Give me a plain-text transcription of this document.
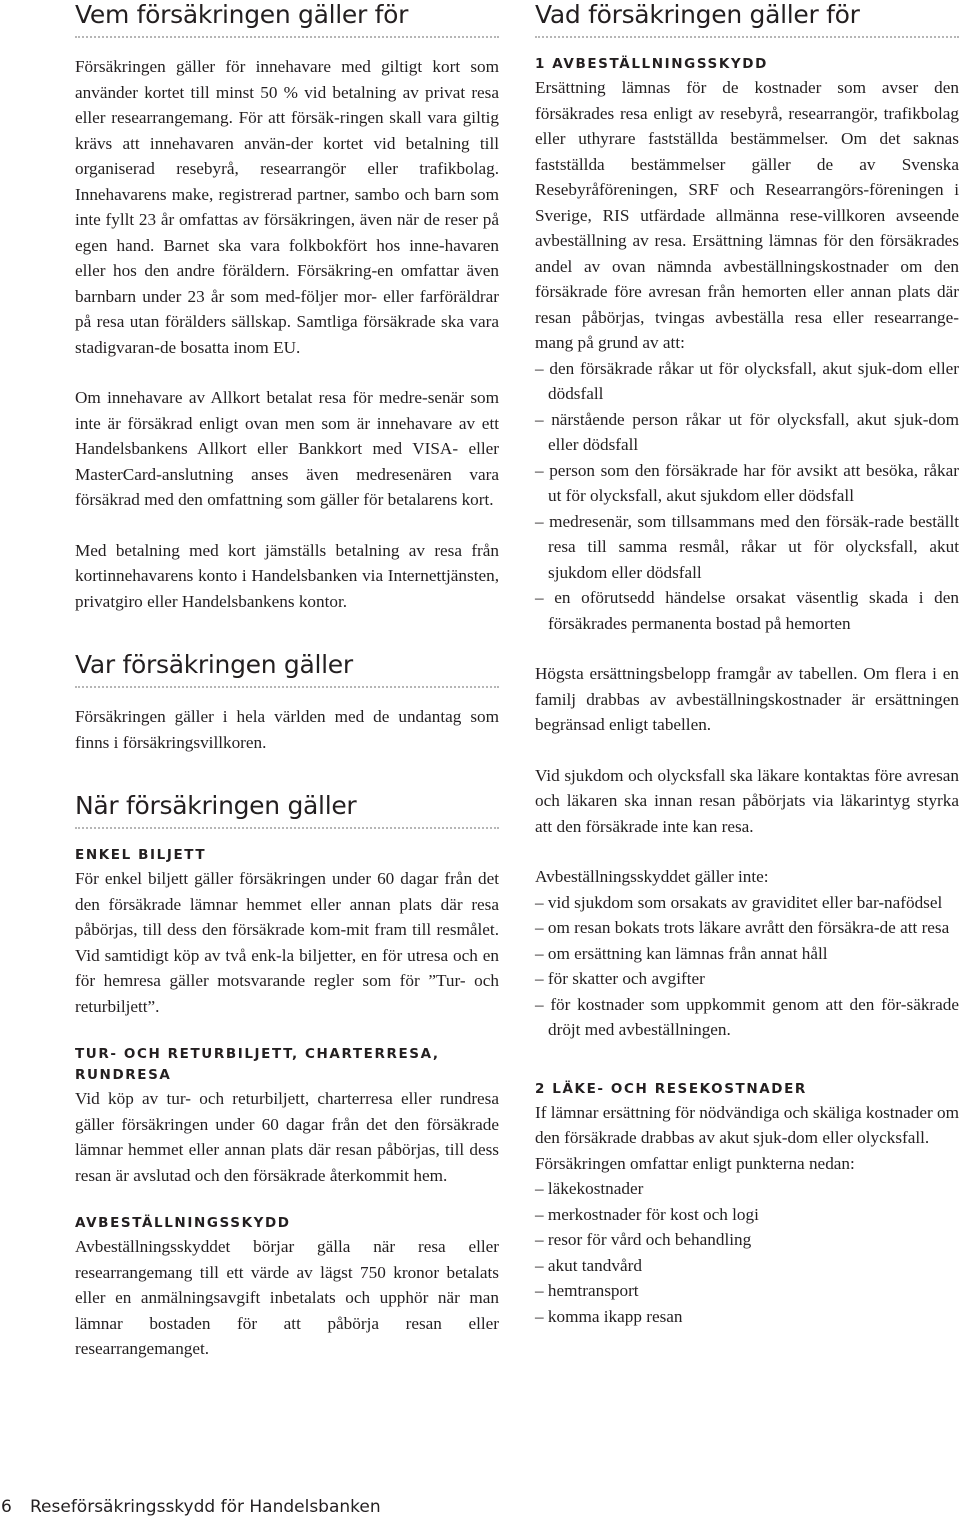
Vem försäkringen gäller för

Försäkringen gäller för innehavare med giltigt kort som använder kortet till minst 50 % vid betalning av privat resa eller researrangemang. För att försäk-ringen skall vara giltig krävs att innehavaren använ-der kortet vid betalning till organiserad resebyrå, researrangör eller trafikbolag. Innehavarens make, registrerad partner, sambo och barn som inte fyllt 23 år omfattas av försäkringen, även när de reser på egen hand. Barnet ska vara folkbokfört hos inne-havaren eller hos den andre föräldern. Försäkring-en omfattar även barnbarn under 23 år som med-följer mor- eller farföräldrar på resa utan förälders sällskap. Samtliga försäkrade ska vara stadigvaran-de bosatta inom EU.

Om innehavare av Allkort betalat resa för medre-senär som inte är försäkrad enligt ovan men som är innehavare av ett Handelsbankens Allkort eller Bankkort med VISA- eller MasterCard-anslutning anses även medresenären vara försäkrad med den omfattning som gäller för betalarens kort.

Med betalning med kort jämställs betalning av resa från kortinnehavarens konto i Handelsbanken via Internettjänsten, privatgiro eller Handelsbankens kontor.

Var försäkringen gäller

Försäkringen gäller i hela världen med de undantag som finns i försäkringsvillkoren.

När försäkringen gäller
ENKEL BILJETT

För enkel biljett gäller försäkringen under 60 dagar från det den försäkrade lämnar hemmet eller annan plats där resa påbörjas, till dess den försäkrade kom-mit fram till resmålet. Vid samtidigt köp av två enk-la biljetter, en för utresa och en för hemresa gäller motsvarande regler som för ”Tur- och returbiljett”.

TUR- OCH RETURBILJETT, CHARTERRESA, RUNDRESA

Vid köp av tur- och returbiljett, charterresa eller rundresa gäller försäkringen under 60 dagar från det den försäkrade lämnar hemmet eller annan plats där resan påbörjas, till dess resan är avslutad och den försäkrade återkommit hem.

AVBESTÄLLNINGSSKYDD

Avbeställningsskyddet börjar gälla när resa eller researrangemang till ett värde av lägst 750 kronor betalats eller en anmälningsavgift inbetalats och upphör när man lämnar bostaden för att påbörja resan eller researrangemanget.

Vad försäkringen gäller för
1 AVBESTÄLLNINGSSKYDD

Ersättning lämnas för de kostnader som avser den försäkrades resa enligt av resebyrå, researrangör, trafikbolag eller uthyrare fastställda bestämmelser. Om det saknas fastställda bestämmelser gäller de av Svenska Resebyråföreningen, SRF och Researrangörs-föreningen i Sverige, RIS utfärdade allmänna rese-villkoren avseende avbeställning av resa. Ersättning lämnas för den försäkrades andel av ovan nämnda avbeställningskostnader om den försäkrade före avresan från hemorten eller annan plats där resan påbörjas, tvingas avbeställa resa eller researrange-mang på grund av att:

– den försäkrade råkar ut för olycksfall, akut sjuk-dom eller dödsfall
– närstående person råkar ut för olycksfall, akut sjuk-dom eller dödsfall
– person som den försäkrade har för avsikt att besöka, råkar ut för olycksfall, akut sjukdom eller dödsfall
– medresenär, som tillsammans med den försäk-rade beställt resa till samma resmål, råkar ut för olycksfall, akut sjukdom eller dödsfall
– en oförutsedd händelse orsakat väsentlig skada i den försäkrades permanenta bostad på hemorten

Högsta ersättningsbelopp framgår av tabellen. Om flera i en familj drabbas av avbeställningskostnader är ersättningen begränsad enligt tabellen.

Vid sjukdom och olycksfall ska läkare kontaktas före avresan och läkaren ska innan resan påbörjats via läkarintyg styrka att den försäkrade inte kan resa.

Avbeställningsskyddet gäller inte:

– vid sjukdom som orsakats av graviditet eller bar-nafödsel
– om resan bokats trots läkare avrått den försäkra-de att resa
– om ersättning kan lämnas från annat håll
– för skatter och avgifter
– för kostnader som uppkommit genom att den för-säkrade dröjt med avbeställningen.
2 LÄKE- OCH RESEKOSTNADER

If lämnar ersättning för nödvändiga och skäliga kostnader om den försäkrade drabbas av akut sjuk-dom eller olycksfall.

Försäkringen omfattar enligt punkterna nedan:

– läkekostnader
– merkostnader för kost och logi
– resor för vård och behandling
– akut tandvård
– hemtransport
– komma ikapp resan
6 Reseförsäkringsskydd för Handelsbanken
